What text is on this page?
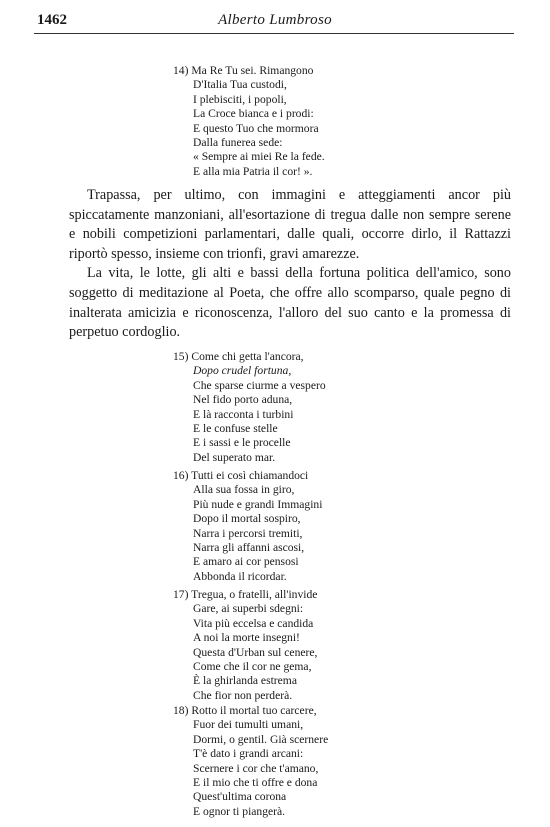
1462	Alberto Lumbroso
14) Ma Re Tu sei. Rimangono
D'Italia Tua custodi,
I plebisciti, i popoli,
La Croce bianca e i prodi:
E questo Tuo che mormora
Dalla funerea sede:
« Sempre ai miei Re la fede.
E alla mia Patria il cor! ».

Trapassa, per ultimo, con immagini e atteggiamenti ancor più spiccatamente manzoniani, all'esortazione di tregua dalle non sempre serene e nobili competizioni parlamentari, dalle quali, occorre dirlo, il Rattazzi riportò spesso, insieme con trionfi, gravi amarezze.

La vita, le lotte, gli alti e bassi della fortuna politica dell'amico, sono soggetto di meditazione al Poeta, che offre allo scomparso, quale pegno di inalterata amicizia e riconoscenza, l'alloro del suo canto e la promessa di perpetuo cordoglio.

15) Come chi getta l'ancora,
Dopo crudel fortuna,
Che sparse ciurme a vespero
Nel fido porto aduna,
E là racconta i turbini
E le confuse stelle
E i sassi e le procelle
Del superato mar.
16) Tutti ei così chiamandoci
Alla sua fossa in giro,
Più nude e grandi Immagini
Dopo il mortal sospiro,
Narra i percorsi tremiti,
Narra gli affanni ascosi,
E amaro ai cor pensosi
Abbonda il ricordar.
17) Tregua, o fratelli, all'invide
Gare, ai superbi sdegni:
Vita più eccelsa e candida
A noi la morte insegni!
Questa d'Urban sul cenere,
Come che il cor ne gema,
È la ghirlanda estrema
Che fior non perderà.
18) Rotto il mortal tuo carcere,
Fuor dei tumulti umani,
Dormi, o gentil. Già scernere
T'è dato i grandi arcani:
Scernere i cor che t'amano,
E il mio che ti offre e dona
Quest'ultima corona
E ognor ti piangerà.
